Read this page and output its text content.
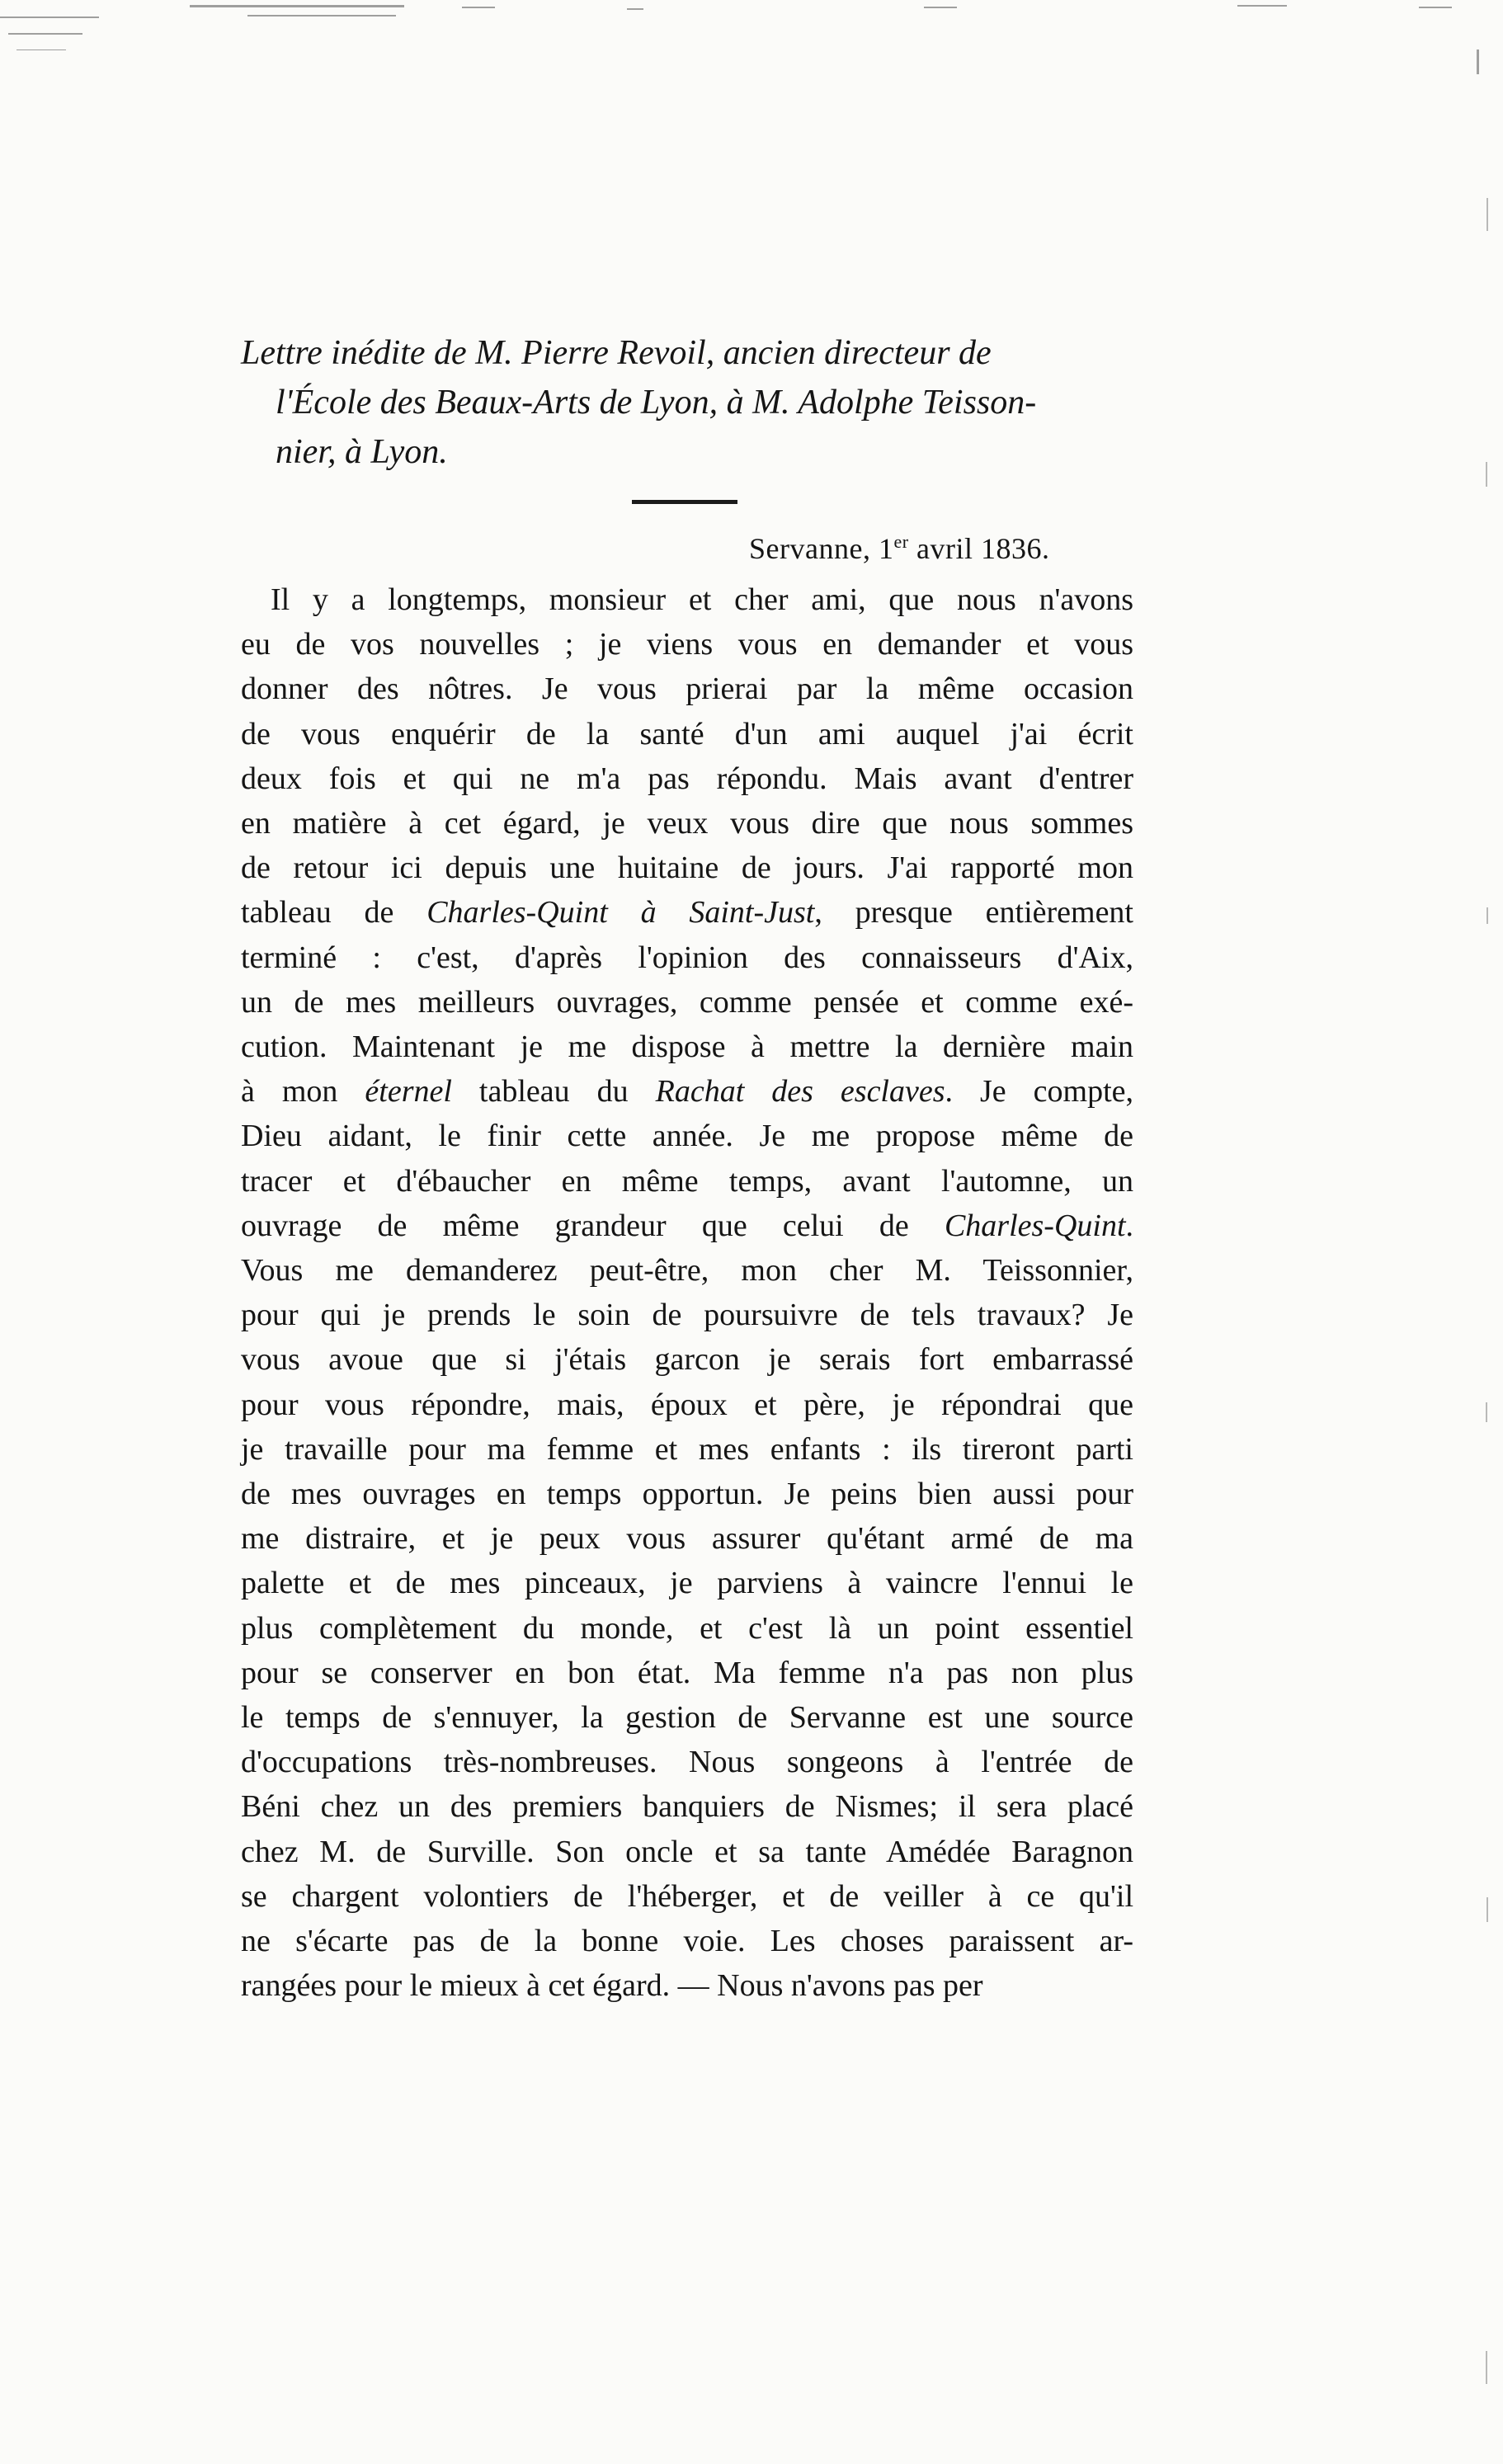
Lettre inédite de M. Pierre Revoil, ancien directeur de
l'École des Beaux-Arts de Lyon, à M. Adolphe Teisson-
nier, à Lyon.
Servanne, 1er avril 1836.
Il y a longtemps, monsieur et cher ami, que nous n'avons
eu de vos nouvelles ; je viens vous en demander et vous
donner des nôtres. Je vous prierai par la même occasion
de vous enquérir de la santé d'un ami auquel j'ai écrit
deux fois et qui ne m'a pas répondu. Mais avant d'entrer
en matière à cet égard, je veux vous dire que nous sommes
de retour ici depuis une huitaine de jours. J'ai rapporté mon
tableau de Charles-Quint à Saint-Just, presque entièrement
terminé : c'est, d'après l'opinion des connaisseurs d'Aix,
un de mes meilleurs ouvrages, comme pensée et comme exé-
cution. Maintenant je me dispose à mettre la dernière main
à mon éternel tableau du Rachat des esclaves. Je compte,
Dieu aidant, le finir cette année. Je me propose même de
tracer et d'ébaucher en même temps, avant l'automne, un
ouvrage de même grandeur que celui de Charles-Quint.
Vous me demanderez peut-être, mon cher M. Teissonnier,
pour qui je prends le soin de poursuivre de tels travaux? Je
vous avoue que si j'étais garcon je serais fort embarrassé
pour vous répondre, mais, époux et père, je répondrai que
je travaille pour ma femme et mes enfants : ils tireront parti
de mes ouvrages en temps opportun. Je peins bien aussi pour
me distraire, et je peux vous assurer qu'étant armé de ma
palette et de mes pinceaux, je parviens à vaincre l'ennui le
plus complètement du monde, et c'est là un point essentiel
pour se conserver en bon état. Ma femme n'a pas non plus
le temps de s'ennuyer, la gestion de Servanne est une source
d'occupations très-nombreuses. Nous songeons à l'entrée de
Béni chez un des premiers banquiers de Nismes; il sera placé
chez M. de Surville. Son oncle et sa tante Amédée Baragnon
se chargent volontiers de l'héberger, et de veiller à ce qu'il
ne s'écarte pas de la bonne voie. Les choses paraissent ar-
rangées pour le mieux à cet égard. — Nous n'avons pas per
